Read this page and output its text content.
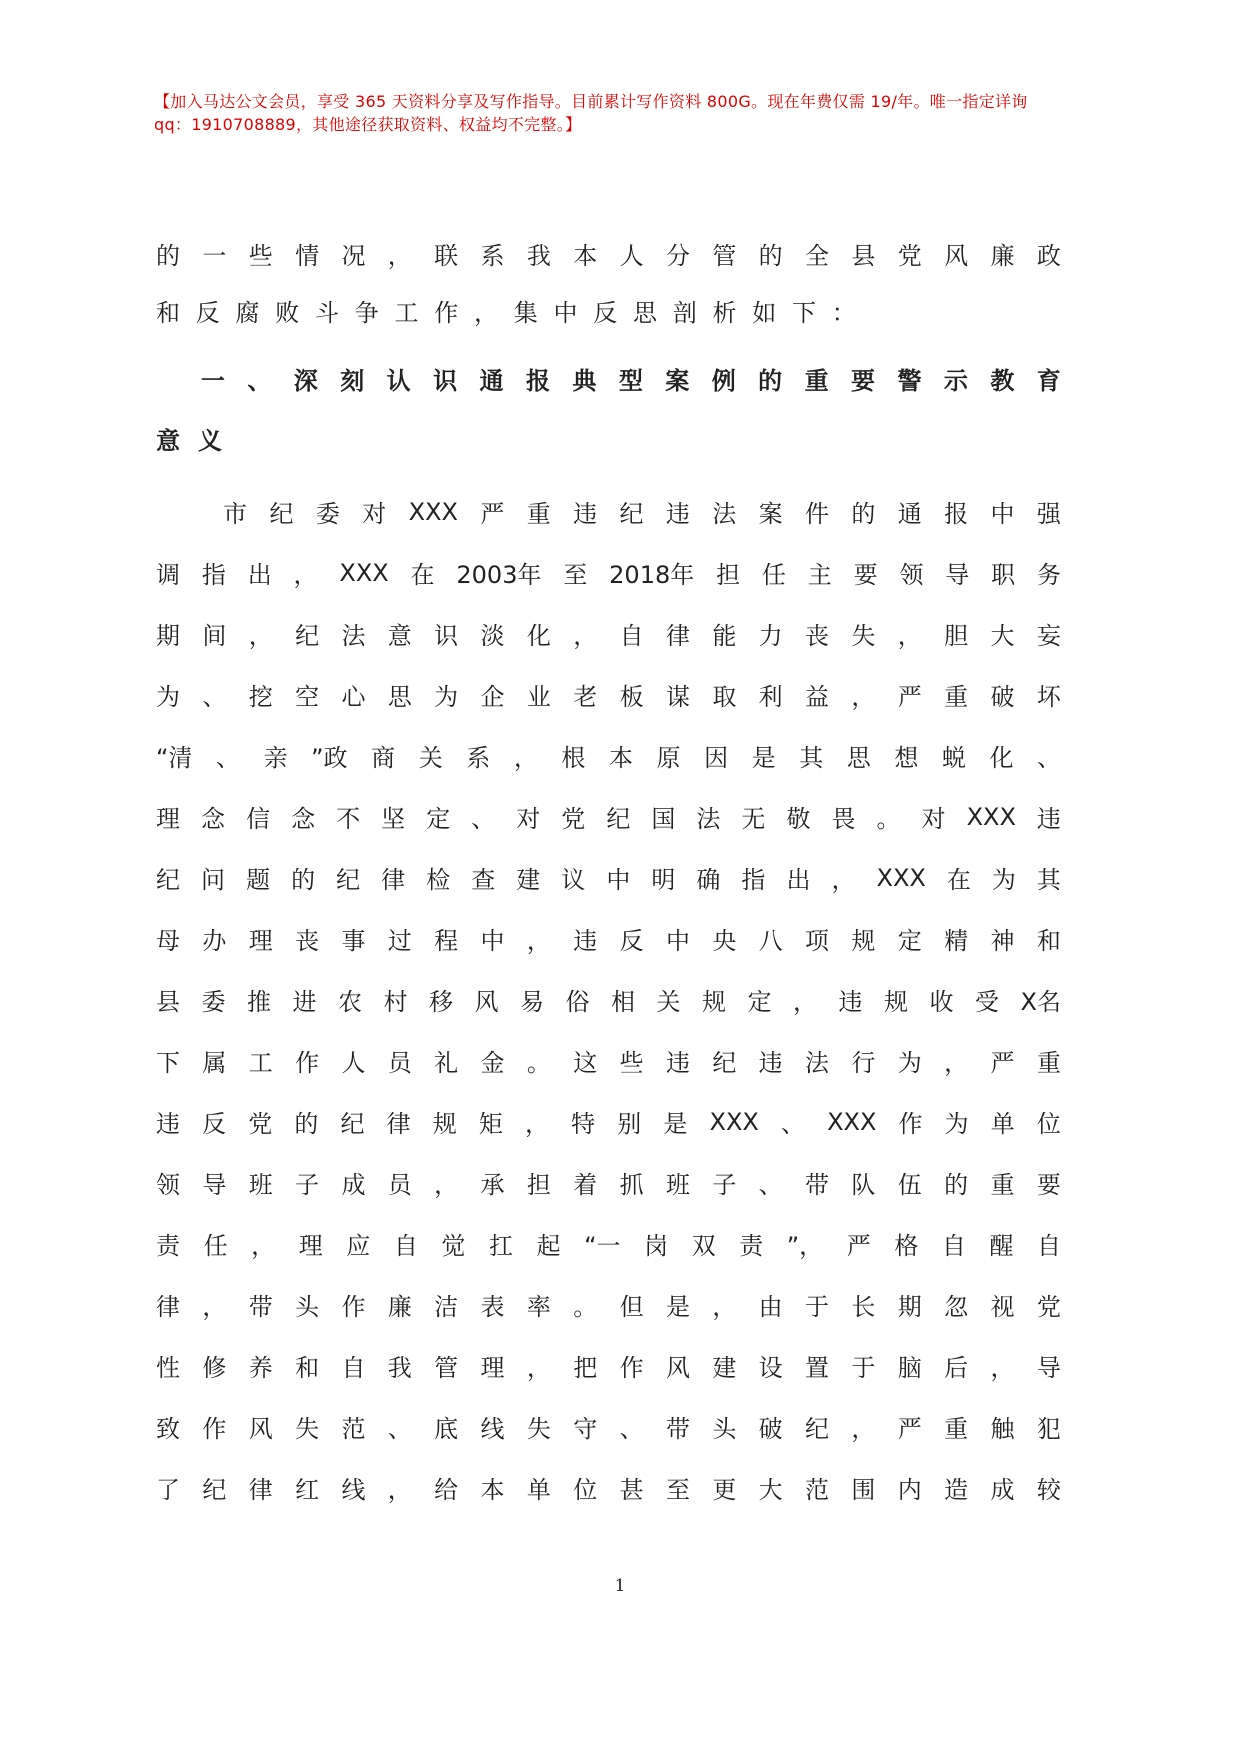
【加入马达公文会员，享受 365 天资料分享及写作指导。目前累计写作资料 800G。现在年费仅需 19/年。唯一指定详询
qq：1910708889，其他途径获取资料、权益均不完整。】
的 一 些 情 况 ， 联 系 我 本 人 分 管 的 全 县 党 风 廉 政
和 反 腐 败 斗 争 工 作 ， 集 中 反 思 剖 析 如 下 ：
一 、 深 刻 认 识 通 报 典 型 案 例 的 重 要 警 示 教 育
意 义
市 纪 委 对 XXX 严 重 违 纪 违 法 案 件 的 通 报 中 强
调 指 出 ， XXX 在 2003年 至 2018年 担 任 主 要 领 导 职 务
期 间 ， 纪 法 意 识 淡 化 ， 自 律 能 力 丧 失 ， 胆 大 妄
为 、 挖 空 心 思 为 企 业 老 板 谋 取 利 益 ， 严 重 破 坏
“清 、 亲 ”政 商 关 系 ， 根 本 原 因 是 其 思 想 蜕 化 、
理 念 信 念 不 坚 定 、 对 党 纪 国 法 无 敬 畏 。 对 XXX 违
纪 问 题 的 纪 律 检 查 建 议 中 明 确 指 出 ， XXX 在 为 其
母 办 理 丧 事 过 程 中 ， 违 反 中 央 八 项 规 定 精 神 和
县 委 推 进 农 村 移 风 易 俗 相 关 规 定 ， 违 规 收 受 X名
下 属 工 作 人 员 礼 金 。 这 些 违 纪 违 法 行 为 ， 严 重
违 反 党 的 纪 律 规 矩 ， 特 别 是 XXX 、 XXX 作 为 单 位
领 导 班 子 成 员 ， 承 担 着 抓 班 子 、 带 队 伍 的 重 要
责 任 ， 理 应 自 觉 扛 起 “一 岗 双 责 ”， 严 格 自 醒 自
律 ， 带 头 作 廉 洁 表 率 。 但 是 ， 由 于 长 期 忽 视 党
性 修 养 和 自 我 管 理 ， 把 作 风 建 设 置 于 脑 后 ， 导
致 作 风 失 范 、 底 线 失 守 、 带 头 破 纪 ， 严 重 触 犯
了 纪 律 红 线 ， 给 本 单 位 甚 至 更 大 范 围 内 造 成 较
1
